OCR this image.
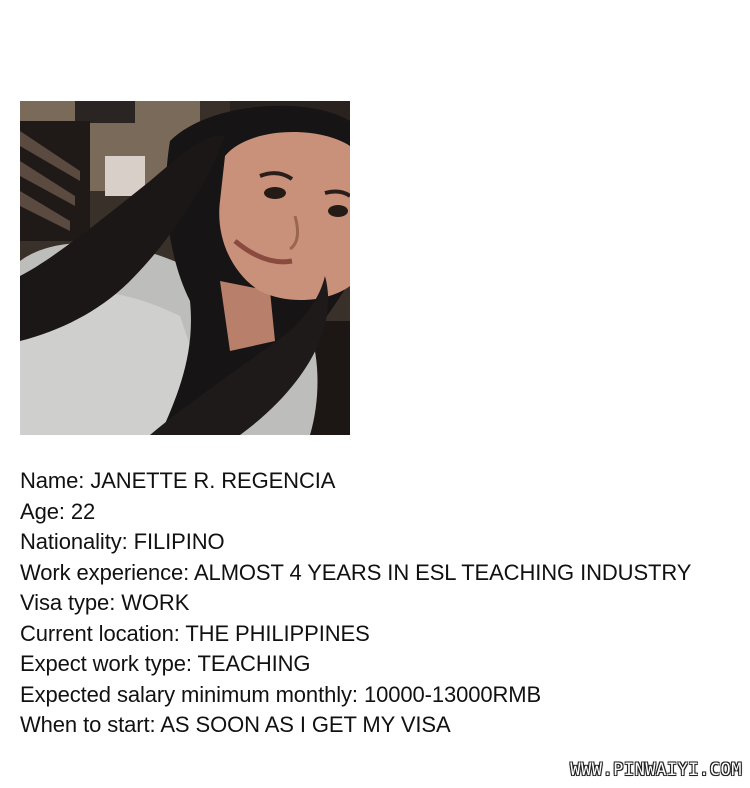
Name: JANETTE R. REGENCIA
Age: 22
Nationality: FILIPINO
Work experience: ALMOST 4 YEARS IN ESL TEACHING INDUSTRY
Visa type: WORK
Current location: THE PHILIPPINES
Expect work type: TEACHING
Expected salary minimum monthly: 10000-13000RMB
When to start: AS SOON AS I GET MY VISA
WWW.PINWAIYI.COM
